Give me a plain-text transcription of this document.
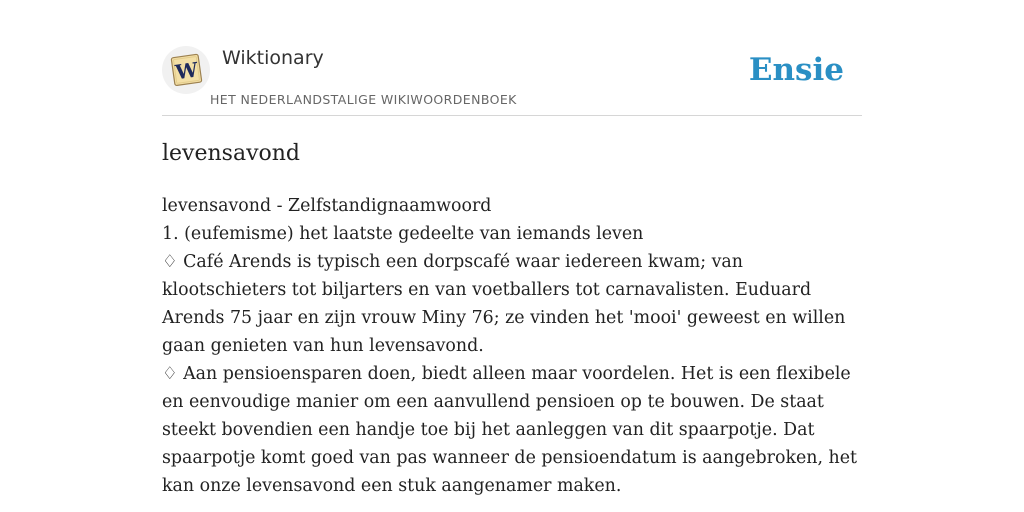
W Wiktionary
HET NEDERLANDSTALIGE WIKIWOORDENBOEK
Ensie
levensavond
levensavond - Zelfstandignaamwoord
1. (eufemisme) het laatste gedeelte van iemands leven
♢ Café Arends is typisch een dorpscafé waar iedereen kwam; van klootschieters tot biljarters en van voetballers tot carnavalisten. Euduard Arends 75 jaar en zijn vrouw Miny 76; ze vinden het 'mooi' geweest en willen gaan genieten van hun levensavond.
♢ Aan pensioensparen doen, biedt alleen maar voordelen. Het is een flexibele en eenvoudige manier om een aanvullend pensioen op te bouwen. De staat steekt bovendien een handje toe bij het aanleggen van dit spaarpotje. Dat spaarpotje komt goed van pas wanneer de pensioendatum is aangebroken, het kan onze levensavond een stuk aangenamer maken.
